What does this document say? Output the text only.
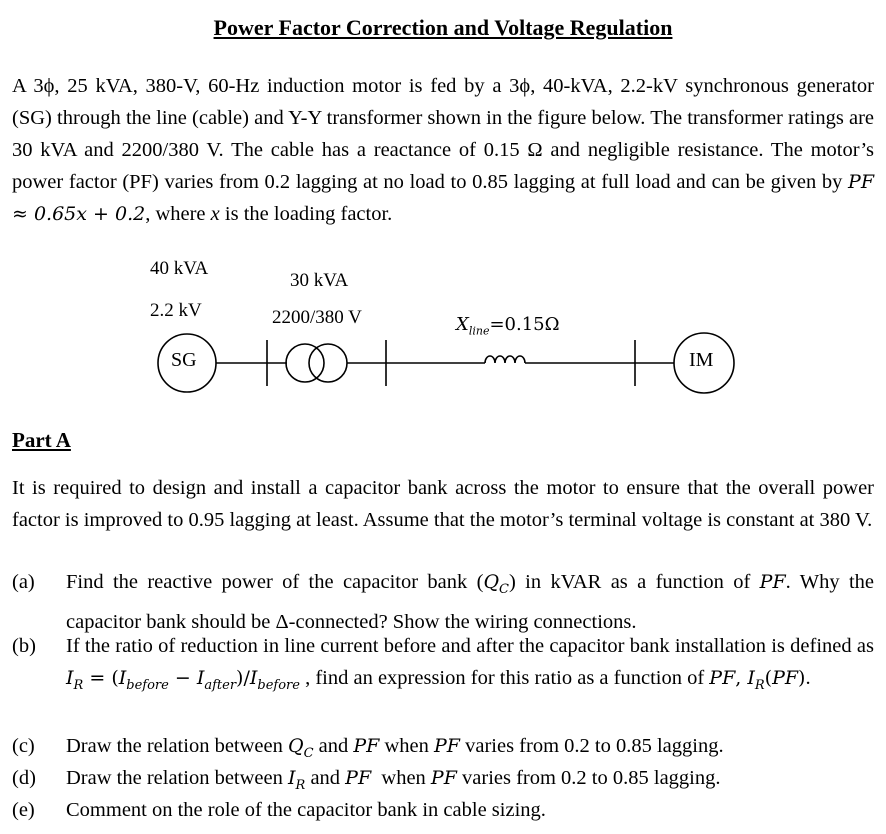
Power Factor Correction and Voltage Regulation
A 3ϕ, 25 kVA, 380-V, 60-Hz induction motor is fed by a 3ϕ, 40-kVA, 2.2-kV synchronous generator (SG) through the line (cable) and Y-Y transformer shown in the figure below. The transformer ratings are 30 kVA and 2200/380 V. The cable has a reactance of 0.15 Ω and negligible resistance. The motor’s power factor (PF) varies from 0.2 lagging at no load to 0.85 lagging at full load and can be given by PF ≈ 0.65x + 0.2, where x is the loading factor.
40 kVA
2.2 kV
30 kVA
2200/380 V	$X_{line}=0.15\Omega$
SG	IM
Part A
It is required to design and install a capacitor bank across the motor to ensure that the overall power factor is improved to 0.95 lagging at least. Assume that the motor’s terminal voltage is constant at 380 V.
(a)	Find the reactive power of the capacitor bank $(Q_C)$ in kVAR as a function of PF. Why the capacitor bank should be Δ-connected? Show the wiring connections.
(b)	If the ratio of reduction in line current before and after the capacitor bank installation is defined as $I_R = (I_{before} - I_{after})/I_{before}$ , find an expression for this ratio as a function of PF, $I_R(PF)$.
(c)	Draw the relation between $Q_C$ and PF when PF varies from 0.2 to 0.85 lagging.
(d)	Draw the relation between $I_R$ and PF  when PF varies from 0.2 to 0.85 lagging.
(e)	Comment on the role of the capacitor bank in cable sizing.
